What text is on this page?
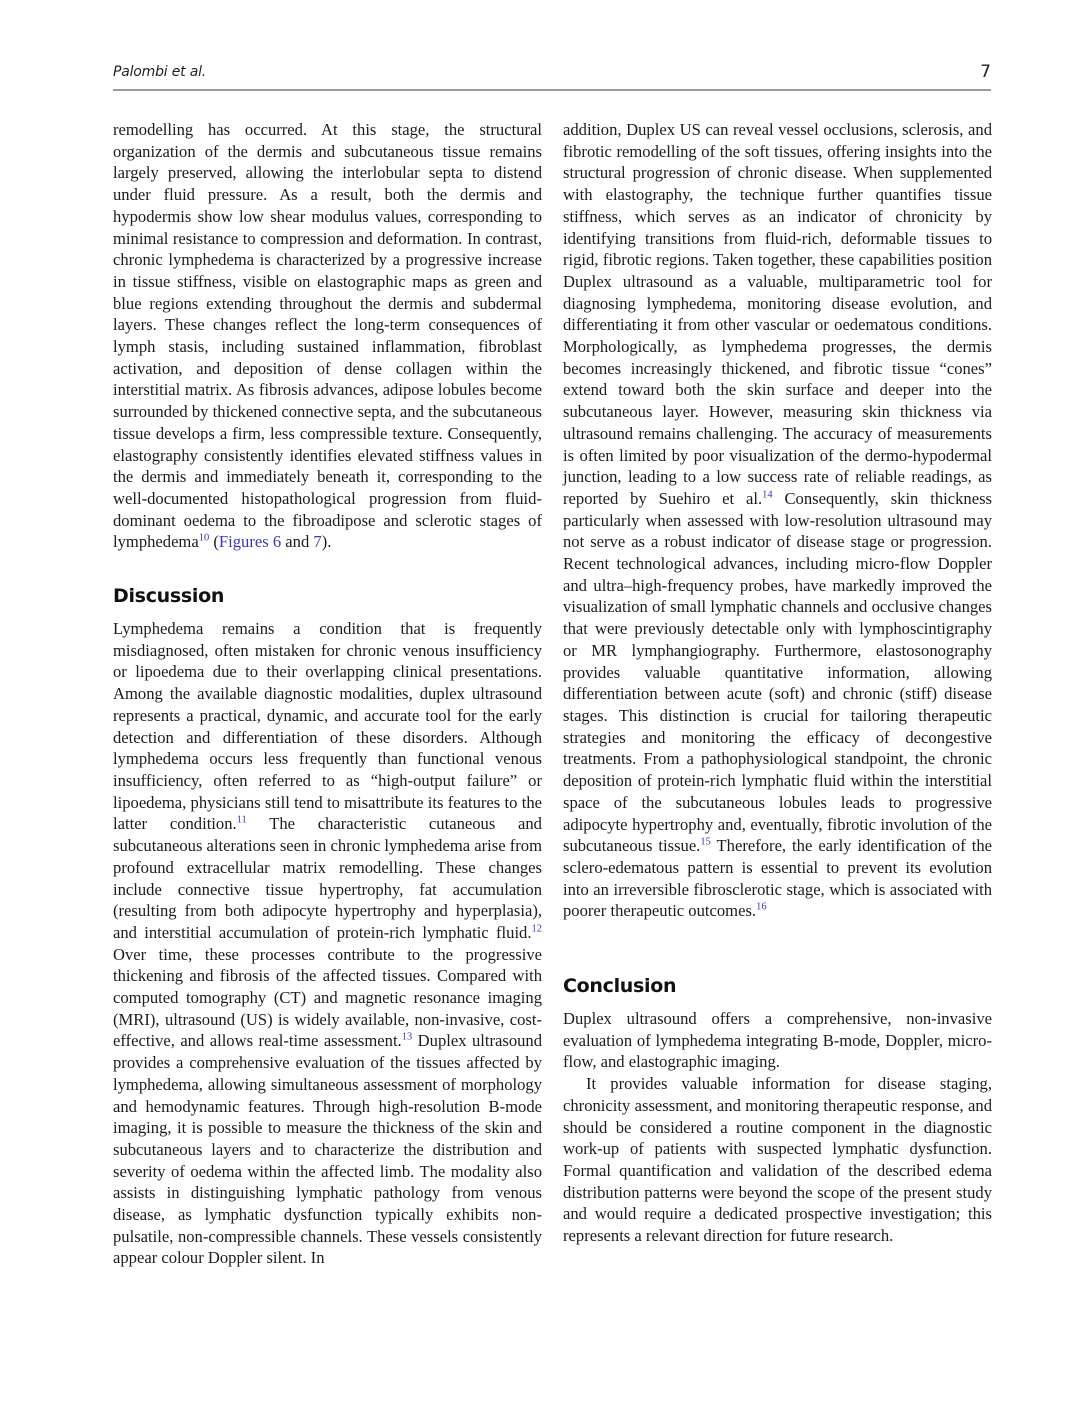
Palombi et al.	7

remodelling has occurred. At this stage, the structural organization of the dermis and subcutaneous tissue remains largely preserved, allowing the interlobular septa to distend under fluid pressure. As a result, both the dermis and hypodermis show low shear modulus values, corresponding to minimal resistance to compression and deformation. In contrast, chronic lymphedema is characterized by a progressive increase in tissue stiffness, visible on elastographic maps as green and blue regions extending throughout the dermis and subdermal layers. These changes reflect the long-term consequences of lymph stasis, including sustained inflammation, fibroblast activation, and deposition of dense collagen within the interstitial matrix. As fibrosis advances, adipose lobules become surrounded by thickened connective septa, and the subcutaneous tissue develops a firm, less compressible texture. Consequently, elastography consistently identifies elevated stiffness values in the dermis and immediately beneath it, corresponding to the well-documented histopathological progression from fluid-dominant oedema to the fibroadipose and sclerotic stages of lymphedema$^{10}$ (Figures 6 and 7).

Discussion

Lymphedema remains a condition that is frequently misdiagnosed, often mistaken for chronic venous insufficiency or lipoedema due to their overlapping clinical presentations. Among the available diagnostic modalities, duplex ultrasound represents a practical, dynamic, and accurate tool for the early detection and differentiation of these disorders. Although lymphedema occurs less frequently than functional venous insufficiency, often referred to as “high-output failure” or lipoedema, physicians still tend to misattribute its features to the latter condition.$^{11}$ The characteristic cutaneous and subcutaneous alterations seen in chronic lymphedema arise from profound extracellular matrix remodelling. These changes include connective tissue hypertrophy, fat accumulation (resulting from both adipocyte hypertrophy and hyperplasia), and interstitial accumulation of protein-rich lymphatic fluid.$^{12}$ Over time, these processes contribute to the progressive thickening and fibrosis of the affected tissues. Compared with computed tomography (CT) and magnetic resonance imaging (MRI), ultrasound (US) is widely available, non-invasive, cost-effective, and allows real-time assessment.$^{13}$ Duplex ultrasound provides a comprehensive evaluation of the tissues affected by lymphedema, allowing simultaneous assessment of morphology and hemodynamic features. Through high-resolution B-mode imaging, it is possible to measure the thickness of the skin and subcutaneous layers and to characterize the distribution and severity of oedema within the affected limb. The modality also assists in distinguishing lymphatic pathology from venous disease, as lymphatic dysfunction typically exhibits non-pulsatile, non-compressible channels. These vessels consistently appear colour Doppler silent. In

addition, Duplex US can reveal vessel occlusions, sclerosis, and fibrotic remodelling of the soft tissues, offering insights into the structural progression of chronic disease. When supplemented with elastography, the technique further quantifies tissue stiffness, which serves as an indicator of chronicity by identifying transitions from fluid-rich, deformable tissues to rigid, fibrotic regions. Taken together, these capabilities position Duplex ultrasound as a valuable, multiparametric tool for diagnosing lymphedema, monitoring disease evolution, and differentiating it from other vascular or oedematous conditions. Morphologically, as lymphedema progresses, the dermis becomes increasingly thickened, and fibrotic tissue “cones” extend toward both the skin surface and deeper into the subcutaneous layer. However, measuring skin thickness via ultrasound remains challenging. The accuracy of measurements is often limited by poor visualization of the dermo-hypodermal junction, leading to a low success rate of reliable readings, as reported by Suehiro et al.$^{14}$ Consequently, skin thickness particularly when assessed with low-resolution ultrasound may not serve as a robust indicator of disease stage or progression. Recent technological advances, including micro-flow Doppler and ultra–high-frequency probes, have markedly improved the visualization of small lymphatic channels and occlusive changes that were previously detectable only with lymphoscintigraphy or MR lymphangiography. Furthermore, elastosonography provides valuable quantitative information, allowing differentiation between acute (soft) and chronic (stiff) disease stages. This distinction is crucial for tailoring therapeutic strategies and monitoring the efficacy of decongestive treatments. From a pathophysiological standpoint, the chronic deposition of protein-rich lymphatic fluid within the interstitial space of the subcutaneous lobules leads to progressive adipocyte hypertrophy and, eventually, fibrotic involution of the subcutaneous tissue.$^{15}$ Therefore, the early identification of the sclero-edematous pattern is essential to prevent its evolution into an irreversible fibrosclerotic stage, which is associated with poorer therapeutic outcomes.$^{16}$

Conclusion

Duplex ultrasound offers a comprehensive, non-invasive evaluation of lymphedema integrating B-mode, Doppler, micro-flow, and elastographic imaging.

It provides valuable information for disease staging, chronicity assessment, and monitoring therapeutic response, and should be considered a routine component in the diagnostic work-up of patients with suspected lymphatic dysfunction. Formal quantification and validation of the described edema distribution patterns were beyond the scope of the present study and would require a dedicated prospective investigation; this represents a relevant direction for future research.
